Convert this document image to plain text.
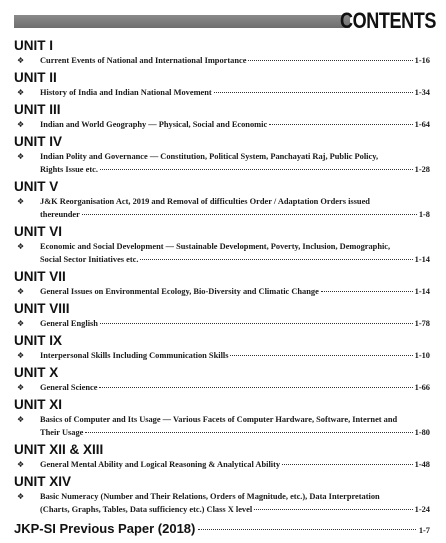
CONTENTS
UNIT I
❖ Current Events of National and International Importance	1-16
UNIT II
❖ History of India and Indian National Movement	1-34
UNIT III
❖ Indian and World Geography — Physical, Social and Economic	1-64
UNIT IV
❖ Indian Polity and Governance — Constitution, Political System, Panchayati Raj, Public Policy,
Rights Issue etc.	1-28
UNIT V
❖ J&K Reorganisation Act, 2019 and Removal of difficulties Order / Adaptation Orders issued
thereunder	1-8
UNIT VI
❖ Economic and Social Development — Sustainable Development, Poverty, Inclusion, Demographic,
Social Sector Initiatives etc.	1-14
UNIT VII
❖ General Issues on Environmental Ecology, Bio-Diversity and Climatic Change	1-14
UNIT VIII
❖ General English	1-78
UNIT IX
❖ Interpersonal Skills Including Communication Skills	1-10
UNIT X
❖ General Science	1-66
UNIT XI
❖ Basics of Computer and Its Usage — Various Facets of Computer Hardware, Software, Internet and
Their Usage	1-80
UNIT XII & XIII
❖ General Mental Ability and Logical Reasoning & Analytical Ability	1-48
UNIT XIV
❖ Basic Numeracy (Number and Their Relations, Orders of Magnitude, etc.), Data Interpretation
(Charts, Graphs, Tables, Data sufficiency etc.) Class X level	1-24
JKP-SI Previous Paper (2018)	1-7
